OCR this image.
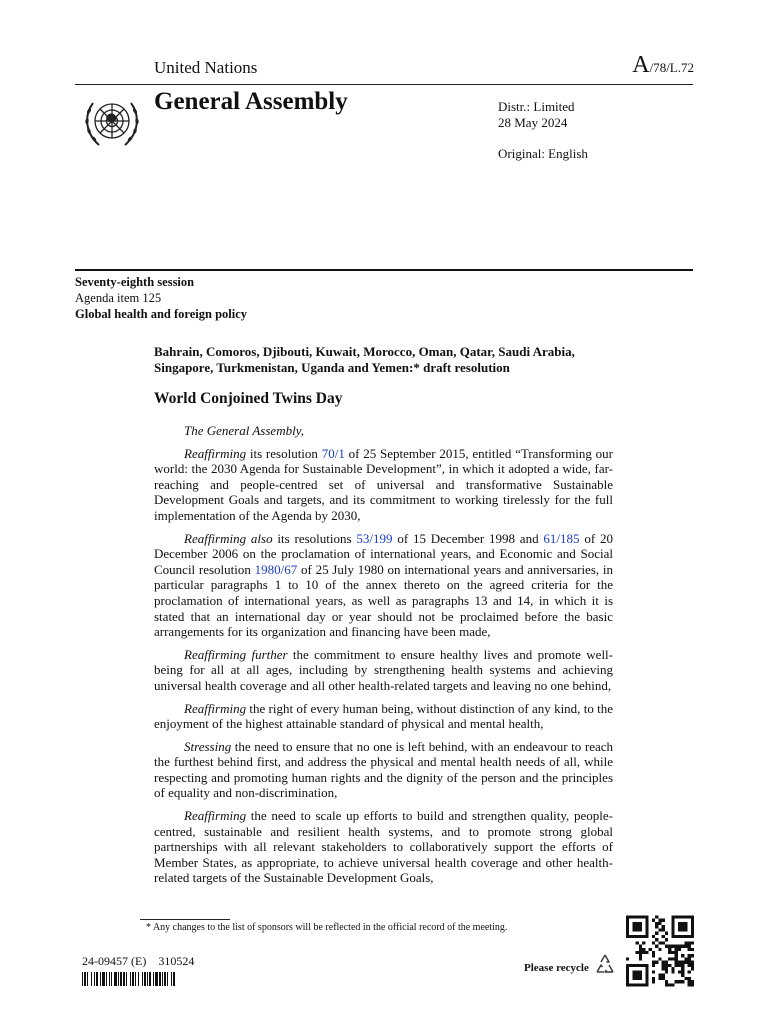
United Nations	A/78/L.72
General Assembly	Distr.: Limited
28 May 2024
Original: English
Seventy-eighth session
Agenda item 125
Global health and foreign policy
Bahrain, Comoros, Djibouti, Kuwait, Morocco, Oman, Qatar, Saudi Arabia, Singapore, Turkmenistan, Uganda and Yemen:* draft resolution
World Conjoined Twins Day

The General Assembly,

Reaffirming its resolution 70/1 of 25 September 2015, entitled “Transforming our world: the 2030 Agenda for Sustainable Development”, in which it adopted a wide, far-reaching and people-centred set of universal and transformative Sustainable Development Goals and targets, and its commitment to working tirelessly for the full implementation of the Agenda by 2030,

Reaffirming also its resolutions 53/199 of 15 December 1998 and 61/185 of 20 December 2006 on the proclamation of international years, and Economic and Social Council resolution 1980/67 of 25 July 1980 on international years and anniversaries, in particular paragraphs 1 to 10 of the annex thereto on the agreed criteria for the proclamation of international years, as well as paragraphs 13 and 14, in which it is stated that an international day or year should not be proclaimed before the basic arrangements for its organization and financing have been made,

Reaffirming further the commitment to ensure healthy lives and promote well-being for all at all ages, including by strengthening health systems and achieving universal health coverage and all other health-related targets and leaving no one behind,

Reaffirming the right of every human being, without distinction of any kind, to the enjoyment of the highest attainable standard of physical and mental health,

Stressing the need to ensure that no one is left behind, with an endeavour to reach the furthest behind first, and address the physical and mental health needs of all, while respecting and promoting human rights and the dignity of the person and the principles of equality and non-discrimination,

Reaffirming the need to scale up efforts to build and strengthen quality, people-centred, sustainable and resilient health systems, and to promote strong global partnerships with all relevant stakeholders to collaboratively support the efforts of Member States, as appropriate, to achieve universal health coverage and other health-related targets of the Sustainable Development Goals,

* Any changes to the list of sponsors will be reflected in the official record of the meeting.
24-09457 (E)    310524	Please recycle
